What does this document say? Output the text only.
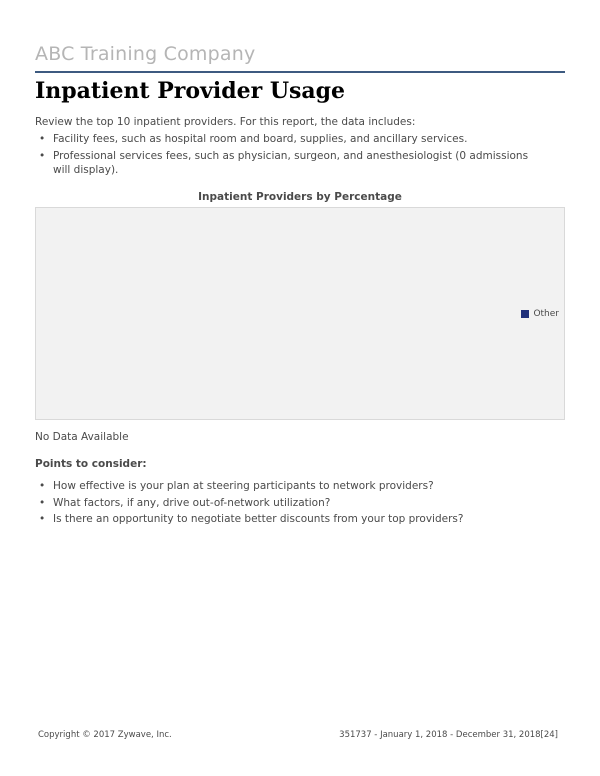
ABC Training Company
Inpatient Provider Usage
Review the top 10 inpatient providers. For this report, the data includes:
• Facility fees, such as hospital room and board, supplies, and ancillary services.
• Professional services fees, such as physician, surgeon, and anesthesiologist (0 admissions will display).
Inpatient Providers by Percentage
Other
No Data Available
Points to consider:
• How effective is your plan at steering participants to network providers?
• What factors, if any, drive out-of-network utilization?
• Is there an opportunity to negotiate better discounts from your top providers?
Copyright © 2017 Zywave, Inc.	351737 - January 1, 2018 - December 31, 2018[24]
